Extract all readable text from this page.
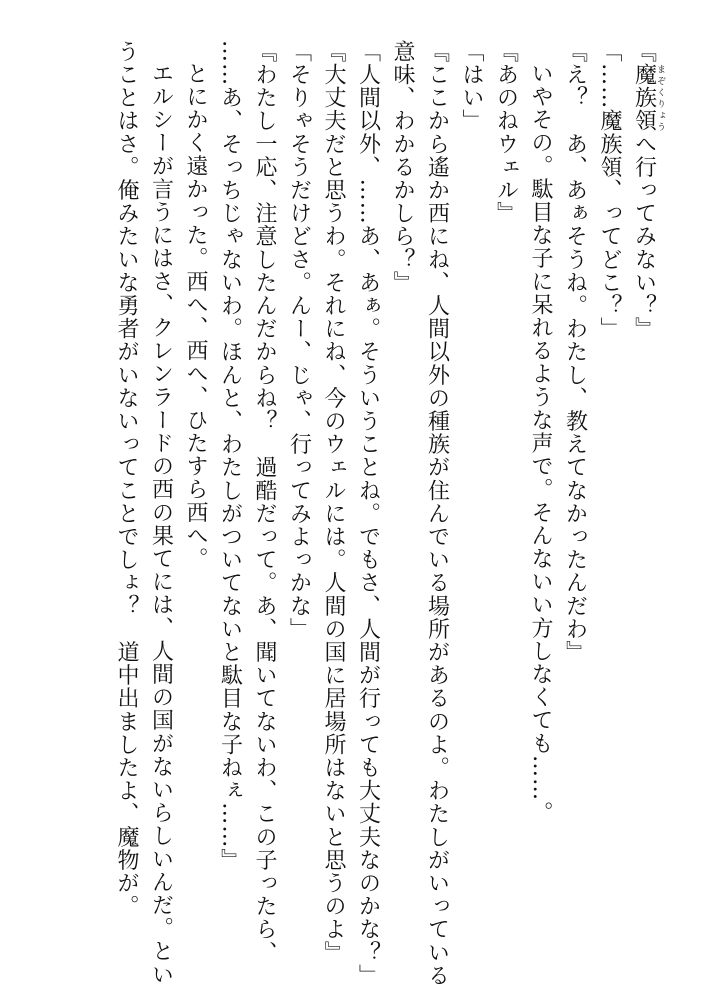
『魔族領まぞくりょうへ行ってみない？』
「……魔族領、ってどこ？」
『え？　あ、あぁそうね。わたし、教えてなかったんだわ』
いやその。駄目な子に呆れるような声で。そんないい方しなくても……。
『あのねウェル』
「はい」
『ここから遙か西にね、人間以外の種族が住んでいる場所があるのよ。わたしがいっている
意味、わかるかしら？』
「人間以外、……あ、あぁ。そういうことね。でもさ、人間が行っても大丈夫なのかな？」
『大丈夫だと思うわ。それにね、今のウェルには。人間の国に居場所はないと思うのよ』
「そりゃそうだけどさ。んー、じゃ、行ってみよっかな」
『わたし一応、注意したんだからね？　過酷だって。あ、聞いてないわ、この子ったら、
……あ、そっちじゃないわ。ほんと、わたしがついてないと駄目な子ねぇ……』
とにかく遠かった。西へ、西へ、ひたすら西へ。
エルシーが言うにはさ、クレンラードの西の果てには、人間の国がないらしいんだ。とい
うことはさ。俺みたいな勇者がいないってことでしょ？　道中出ましたよ、魔物が。
